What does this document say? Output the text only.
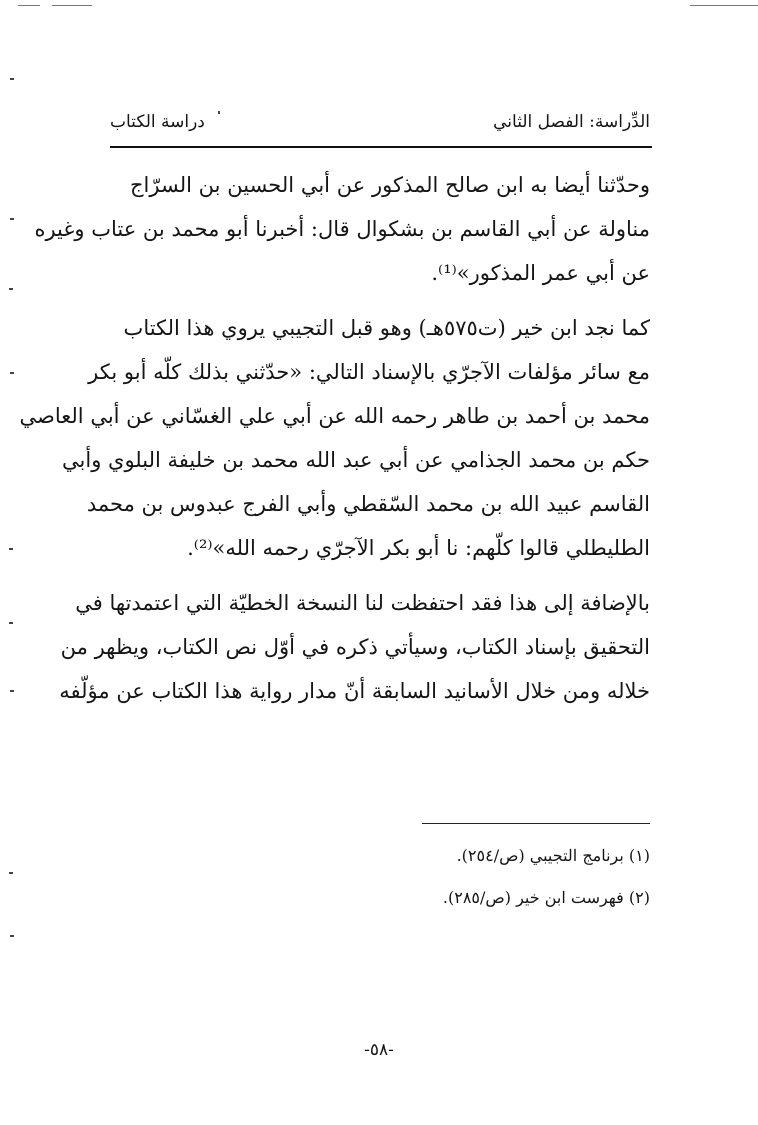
الدِّراسة: الفصل الثاني
دراسة الكتاب
وحدّثنا أيضا به ابن صالح المذكور عن أبي الحسين بن السرّاج
مناولة عن أبي القاسم بن بشكوال قال: أخبرنا أبو محمد بن عتاب وغيره
عن أبي عمر المذكور»⁽¹⁾.
كما نجد ابن خير (ت٥٧٥هـ) وهو قبل التجيبي يروي هذا الكتاب
مع سائر مؤلفات الآجرّي بالإسناد التالي: «حدّثني بذلك كلّه أبو بكر
محمد بن أحمد بن طاهر رحمه الله عن أبي علي الغسّاني عن أبي العاصي
حكم بن محمد الجذامي عن أبي عبد الله محمد بن خليفة البلوي وأبي
القاسم عبيد الله بن محمد السّقطي وأبي الفرج عبدوس بن محمد
الطليطلي قالوا كلّهم: نا أبو بكر الآجرّي رحمه الله»⁽²⁾.
بالإضافة إلى هذا فقد احتفظت لنا النسخة الخطيّة التي اعتمدتها في
التحقيق بإسناد الكتاب، وسيأتي ذكره في أوّل نص الكتاب، ويظهر من
خلاله ومن خلال الأسانيد السابقة أنّ مدار رواية هذا الكتاب عن مؤلّفه
(١) برنامج التجيبي (ص/٢٥٤).
(٢) فهرست ابن خير (ص/٢٨٥).
-٥٨-
